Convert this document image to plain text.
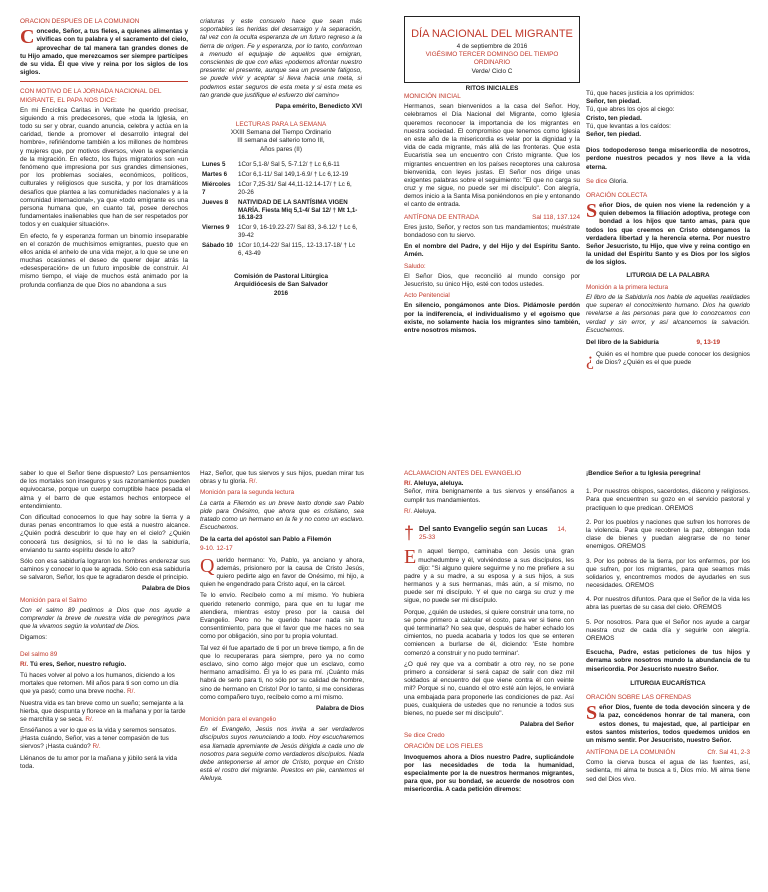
ORACIÓN DESPUÉS DE LA COMUNIÓN

Concede, Señor, a tus fieles, a quienes alimentas y vivificas con tu palabra y el sacramento del cielo, aprovechar de tal manera tan grandes dones de tu Hijo amado, que merezcamos ser siempre partícipes de su vida. Él que vive y reina por los siglos de los siglos.

CON MOTIVO DE LA JORNADA NACIONAL DEL MIGRANTE, EL PAPA NOS DICE:

En mi Encíclica Caritas in Veritate he querido precisar, siguiendo a mis predecesores, que «toda la Iglesia, en todo su ser y obrar, cuando anuncia, celebra y actúa en la caridad, tiende a promover el desarrollo integral del hombre», refiriéndome también a los millones de hombres y mujeres que, por motivos diversos, viven la experiencia de la migración. En efecto, los flujos migratorios son «un fenómeno que impresiona por sus grandes dimensiones, por los problemas sociales, económicos, políticos, culturales y religiosos que suscita, y por los dramáticos desafíos que plantea a las comunidades nacionales y a la comunidad internacional», ya que «todo emigrante es una persona humana que, en cuanto tal, posee derechos fundamentales inalienables que han de ser respetados por todos y en cualquier situación».

En efecto, fe y esperanza forman un binomio inseparable en el corazón de muchísimos emigrantes, puesto que en ellos anida el anhelo de una vida mejor, a lo que se une en muchas ocasiones el deseo de querer dejar atrás la «desesperación» de un futuro imposible de construir. Al mismo tiempo, el viaje de muchos está animado por la profunda confianza de que Dios no abandona a sus

criaturas y este consuelo hace que sean más soportables las heridas del desarraigo y la separación, tal vez con la oculta esperanza de un futuro regreso a la tierra de origen. Fe y esperanza, por lo tanto, conforman a menudo el equipaje de aquellos que emigran, conscientes de que con ellas «podemos afrontar nuestro presente: el presente, aunque sea un presente fatigoso, se puede vivir y aceptar si lleva hacia una meta, si podemos estar seguros de esta meta y si esta meta es tan grande que justifique el esfuerzo del camino»

Papa emérito, Benedicto XVI

LECTURAS PARA LA SEMANA
XXIII Semana del Tiempo Ordinario
III semana del salterio tomo III,
Años pares (II)
Lunes 5	1Cor 5,1-8/ Sal 5, 5-7.12/ † Lc 6,6-11
Martes 6	1Cor 6,1-11/ Sal 149,1-6.9/ † Lc 6,12-19
Miércoles 7	1Cor 7,25-31/ Sal 44,11-12.14-17/ † Lc 6, 20-26
Jueves 8	NATIVIDAD DE LA SANTÍSIMA VIGEN MARÍA. Fiesta Miq 5,1-4/ Sal 12/ † Mt 1,1-16.18-23
Viernes 9	1Cor 9, 16-19.22-27/ Sal 83, 3-6.12/ † Lc 6, 39-42
Sábado 10	1Cor 10,14-22/ Sal 115,. 12-13.17-18/ † Lc 6, 43-49
Comisión de Pastoral Litúrgica
Arquidiócesis de San Salvador
2016
DÍA NACIONAL DEL MIGRANTE
4 de septiembre de 2016
VIGÉSIMO TERCER DOMINGO DEL TIEMPO ORDINARIO
Verde/ Ciclo C
RITOS INICIALES
MONICIÓN INICIAL

Hermanos, sean bienvenidos a la casa del Señor. Hoy, celebramos el Día Nacional del Migrante, como Iglesia queremos reconocer la importancia de los migrantes en nuestra sociedad. El compromiso que tenemos como Iglesia en este año de la misericordia es velar por la dignidad y la vida de cada migrante, más allá de las fronteras. Que esta Eucaristía sea un encuentro con Cristo migrante. Que los migrantes encuentren en los países receptores una calurosa bienvenida, con leyes justas. El Señor nos dirige unas exigentes palabras sobre el seguimiento: "El que no carga su cruz y me sigue, no puede ser mi discípulo". Con alegría, demos inicio a la Santa Misa poniéndonos en pie y entonando el canto de entrada.

ANTÍFONA DE ENTRADA	Sal 118, 137.124

Eres justo, Señor, y rectos son tus mandamientos; muéstrate bondadoso con tu siervo.

En el nombre del Padre, y del Hijo y del Espíritu Santo. Amén.

Saludo:

El Señor Dios, que reconcilió al mundo consigo por Jesucristo, su único Hijo, esté con todos ustedes.

Acto Penitencial

En silencio, pongámonos ante Dios. Pidámosle perdón por la indiferencia, el individualismo y el egoísmo que existe, no solamente hacia los migrantes sino también, entre nosotros mismos.

Tú, que haces justicia a los oprimidos:
Señor, ten piedad.
Tú, que abres los ojos al ciego:
Cristo, ten piedad.
Tú, que levantas a los caídos:
Señor, ten piedad.

Dios todopoderoso tenga misericordia de nosotros, perdone nuestros pecados y nos lleve a la vida eterna.

Se dice Gloria.

ORACIÓN COLECTA

Señor Dios, de quien nos viene la redención y a quien debemos la filiación adoptiva, protege con bondad a los hijos que tanto amas, para que todos los que creemos en Cristo obtengamos la verdadera libertad y la herencia eterna. Por nuestro Señor Jesucristo, tu Hijo, que vive y reina contigo en la unidad del Espíritu Santo y es Dios por los siglos de los siglos.

LITURGIA DE LA PALABRA
Monición a la primera lectura

El libro de la Sabiduría nos habla de aquellas realidades que superan el conocimiento humano. Dios ha querido revelarse a las personas para que lo conozcamos con verdad y sin error, y así alcancemos la salvación. Escuchemos.

Del libro de la Sabiduría	9, 13-19

¿ Quién es el hombre que puede conocer los designios de Dios? ¿Quién es el que puede

saber lo que el Señor tiene dispuesto? Los pensamientos de los mortales son inseguros y sus razonamientos pueden equivocarse, porque un cuerpo corruptible hace pesada el alma y el barro de que estamos hechos entorpece el entendimiento.

Con dificultad conocemos lo que hay sobre la tierra y a duras penas encontramos lo que está a nuestro alcance. ¿Quién podrá descubrir lo que hay en el cielo? ¿Quién conocerá tus designios, si tú no le das la sabiduría, enviando tu santo espíritu desde lo alto?

Sólo con esa sabiduría lograron los hombres enderezar sus caminos y conocer lo que te agrada. Sólo con esa sabiduría se salvaron, Señor, los que te agradaron desde el principio.

Palabra de Dios

Monición para el Salmo

Con el salmo 89 pedimos a Dios que nos ayude a comprender la breve de nuestra vida de peregrinos para que la vivamos según la voluntad de Dios.

Digamos:
Del salmo 89

R/. Tú eres, Señor, nuestro refugio.

Tú haces volver al polvo a los humanos, diciendo a los mortales que retornen. Mil años para ti son como un día que ya pasó; como una breve noche. R/.

Nuestra vida es tan breve como un sueño; semejante a la hierba, que despunta y florece en la mañana y por la tarde se marchita y se seca. R/.

Enséñanos a ver lo que es la vida y seremos sensatos. ¡Hasta cuándo, Señor, vas a tener compasión de tus siervos? ¡Hasta cuándo? R/.

Llénanos de tu amor por la mañana y júbilo será la vida toda.

Haz, Señor, que tus siervos y sus hijos, puedan mirar tus obras y tu gloria. R/.

Monición para la segunda lectura

La carta a Filemón es un breve texto donde san Pablo pide para Onésimo, que ahora que es cristiano, sea tratado como un hermano en la fe y no como un esclavo. Escuchemos.

De la carta del apóstol san Pablo a Filemón
9-10. 12-17

Querido hermano: Yo, Pablo, ya anciano y ahora, además, prisionero por la causa de Cristo Jesús, quiero pedirte algo en favor de Onésimo, mi hijo, a quien he engendrado para Cristo aquí, en la cárcel.

Te lo envío. Recíbelo como a mí mismo. Yo hubiera querido retenerlo conmigo, para que en tu lugar me atendiera, mientras estoy preso por la causa del Evangelio. Pero no he querido hacer nada sin tu consentimiento, para que el favor que me haces no sea como por obligación, sino por tu propia voluntad.

Tal vez él fue apartado de ti por un breve tiempo, a fin de que lo recuperaras para siempre, pero ya no como esclavo, sino como algo mejor que un esclavo, como hermano amadísimo. Él ya lo es para mí. ¡Cuánto más habrá de serlo para ti, no sólo por su calidad de hombre, sino de hermano en Cristo! Por lo tanto, si me consideras como compañero tuyo, recíbelo como a mí mismo.

Palabra de Dios

Monición para el evangelio

En el Evangelio, Jesús nos invita a ser verdaderos discípulos suyos renunciando a todo. Hoy escucharemos esa llamada apremiante de Jesús dirigida a cada uno de nosotros para seguirle como verdaderos discípulos. Nada debe anteponerse al amor de Cristo, porque en Cristo está el rostro del migrante. Puestos en pie, cantemos el Aleluya.

ACLAMACIÓN ANTES DEL EVANGELIO
R/. Aleluya, aleluya.

Señor, mira benignamente a tus siervos y enséñanos a cumplir tus mandamientos.

R/. Aleluya.
† Del santo Evangelio según san Lucas 14, 25-33

En aquel tiempo, caminaba con Jesús una gran muchedumbre y él, volviéndose a sus discípulos, les dijo: "Si alguno quiere seguirme y no me prefiere a su padre y a su madre, a su esposa y a sus hijos, a sus hermanos y a sus hermanas, más aún, a sí mismo, no puede ser mi discípulo. Y el que no carga su cruz y me sigue, no puede ser mi discípulo.

Porque, ¿quién de ustedes, si quiere construir una torre, no se pone primero a calcular el costo, para ver si tiene con qué terminarla? No sea que, después de haber echado los cimientos, no pueda acabarla y todos los que se enteren comiencen a burlarse de él, diciendo: 'Este hombre comenzó a construir y no pudo terminar'.

¿O qué rey que va a combatir a otro rey, no se pone primero a considerar si será capaz de salir con diez mil soldados al encuentro del que viene contra él con veinte mil? Porque si no, cuando el otro esté aún lejos, le enviará una embajada para proponerle las condiciones de paz. Así pues, cualquiera de ustedes que no renuncie a todos sus bienes, no puede ser mi discípulo".

Palabra del Señor

Se dice Credo

ORACIÓN DE LOS FIELES

Invoquemos ahora a Dios nuestro Padre, suplicándole por las necesidades de toda la humanidad, especialmente por la de nuestros hermanos migrantes, para que, por su bondad, se acuerde de nosotros con misericordia. A cada petición diremos:

¡Bendice Señor a tu Iglesia peregrina!

1. Por nuestros obispos, sacerdotes, diácono y religiosos. Para que encuentren su gozo en el servicio pastoral y practiquen lo que predican. OREMOS

2. Por los pueblos y naciones que sufren los horrores de la violencia. Para que recobren la paz, obtengan toda clase de bienes y puedan alegrarse de no tener enemigos. OREMOS

3. Por los pobres de la tierra, por los enfermos, por los que sufren, por los migrantes, para que seamos más solidarios y, encontremos modos de ayudarles en sus necesidades. OREMOS

4. Por nuestros difuntos. Para que el Señor de la vida les abra las puertas de su casa del cielo. OREMOS

5. Por nosotros. Para que el Señor nos ayude a cargar nuestra cruz de cada día y seguirle con alegría. OREMOS

Escucha, Padre, estas peticiones de tus hijos y derrama sobre nosotros mundo la abundancia de tu misericordia. Por Jesucristo nuestro Señor.

LITURGIA EUCARÍSTICA
ORACIÓN SOBRE LAS OFRENDAS

Señor Dios, fuente de toda devoción sincera y de la paz, concédenos honrar de tal manera, con estos dones, tu majestad, que, al participar en estos santos misterios, todos quedemos unidos en un mismo sentir. Por Jesucristo, nuestro Señor.

ANTÍFONA DE LA COMUNIÓN	Cfr. Sal 41, 2-3

Como la cierva busca el agua de las fuentes, así, sedienta, mi alma te busca a ti, Dios mío. Mi alma tiene sed del Dios vivo.
